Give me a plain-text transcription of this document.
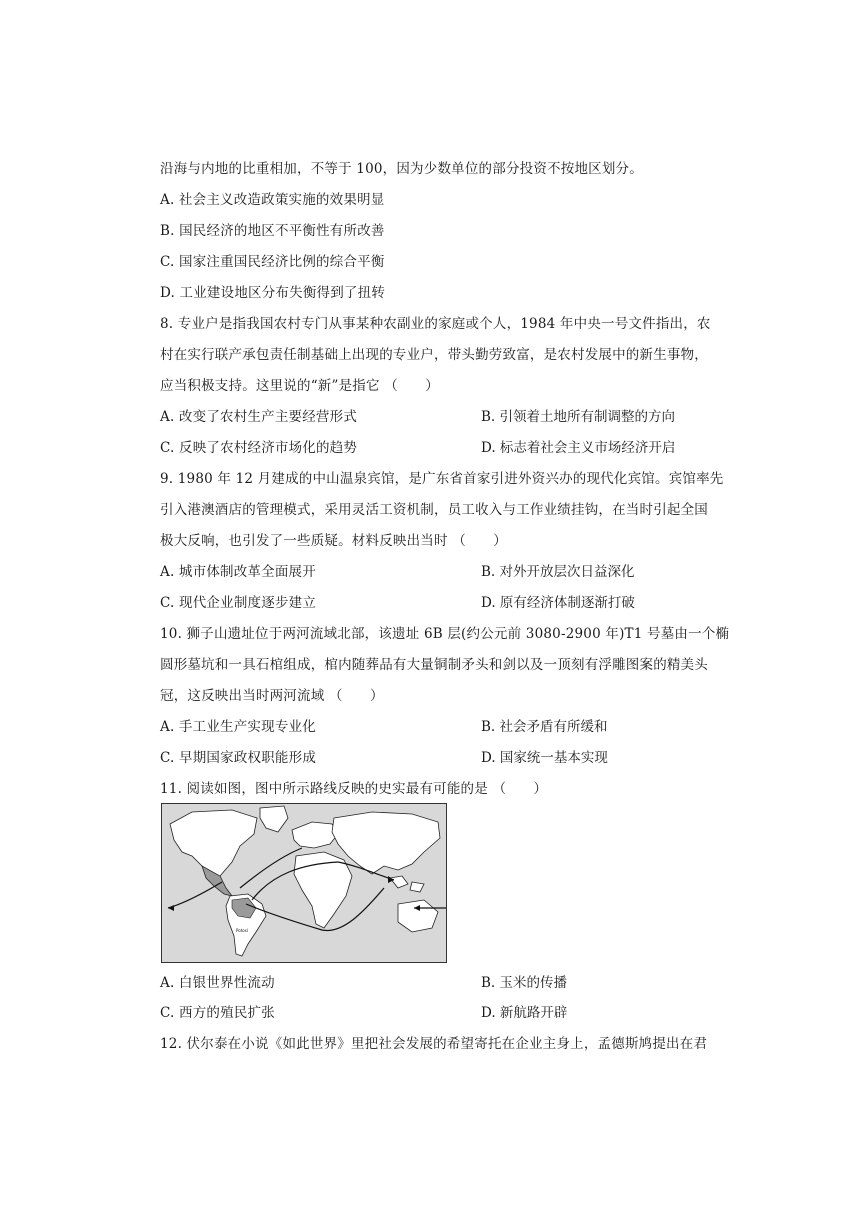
沿海与内地的比重相加，不等于 100，因为少数单位的部分投资不按地区划分。
A. 社会主义改造政策实施的效果明显
B. 国民经济的地区不平衡性有所改善
C. 国家注重国民经济比例的综合平衡
D. 工业建设地区分布失衡得到了扭转
8. 专业户是指我国农村专门从事某种农副业的家庭或个人，1984 年中央一号文件指出，农
村在实行联产承包责任制基础上出现的专业户，带头勤劳致富，是农村发展中的新生事物，
应当积极支持。这里说的“新”是指它 （　　）
A. 改变了农村生产主要经营形式	B. 引领着土地所有制调整的方向
C. 反映了农村经济市场化的趋势	D. 标志着社会主义市场经济开启
9. 1980 年 12 月建成的中山温泉宾馆，是广东省首家引进外资兴办的现代化宾馆。宾馆率先
引入港澳酒店的管理模式，采用灵活工资机制，员工收入与工作业绩挂钩，在当时引起全国
极大反响，也引发了一些质疑。材料反映出当时 （　　）
A. 城市体制改革全面展开	B. 对外开放层次日益深化
C. 现代企业制度逐步建立	D. 原有经济体制逐渐打破
10. 狮子山遗址位于两河流域北部，该遗址 6B 层(约公元前 3080-2900 年)T1 号墓由一个椭
圆形墓坑和一具石棺组成，棺内随葬品有大量铜制矛头和剑以及一顶刻有浮雕图案的精美头
冠，这反映出当时两河流域 （　　）
A. 手工业生产实现专业化	B. 社会矛盾有所缓和
C. 早期国家政权职能形成	D. 国家统一基本实现
11. 阅读如图，图中所示路线反映的史实最有可能的是 （　　）
Potosí
A. 白银世界性流动	B. 玉米的传播
C. 西方的殖民扩张	D. 新航路开辟
12. 伏尔泰在小说《如此世界》里把社会发展的希望寄托在企业主身上，孟德斯鸠提出在君
